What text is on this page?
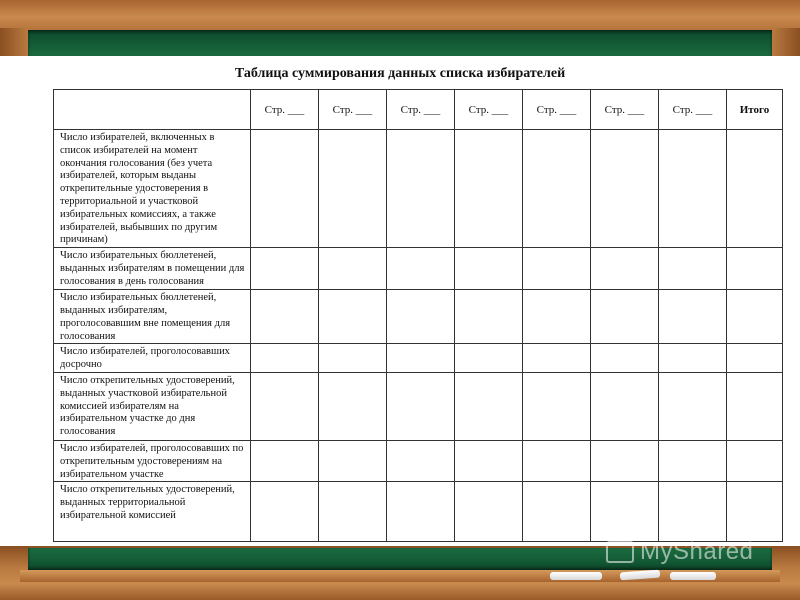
Таблица суммирования данных списка избирателей
	Стр. ___	Стр. ___	Стр. ___	Стр. ___	Стр. ___	Стр. ___	Стр. ___	Итого
Число избирателей, включенных в список избирателей на момент окончания голосования (без учета избирателей, которым выданы открепительные удостоверения в территориальной и участковой избирательных комиссиях, а также избирателей, выбывших по другим причинам)								
Число избирательных бюллетеней, выданных избирателям в помещении для голосования в день голосования								
Число избирательных бюллетеней, выданных избирателям, проголосовавшим вне помещения для голосования								
Число избирателей, проголосовавших досрочно								
Число открепительных удостоверений, выданных участковой избирательной комиссией избирателям на избирательном участке до дня голосования								
Число избирателей, проголосовавших по открепительным удостоверениям на избирательном участке								
Число открепительных удостоверений, выданных территориальной избирательной комиссией								
MyShared
